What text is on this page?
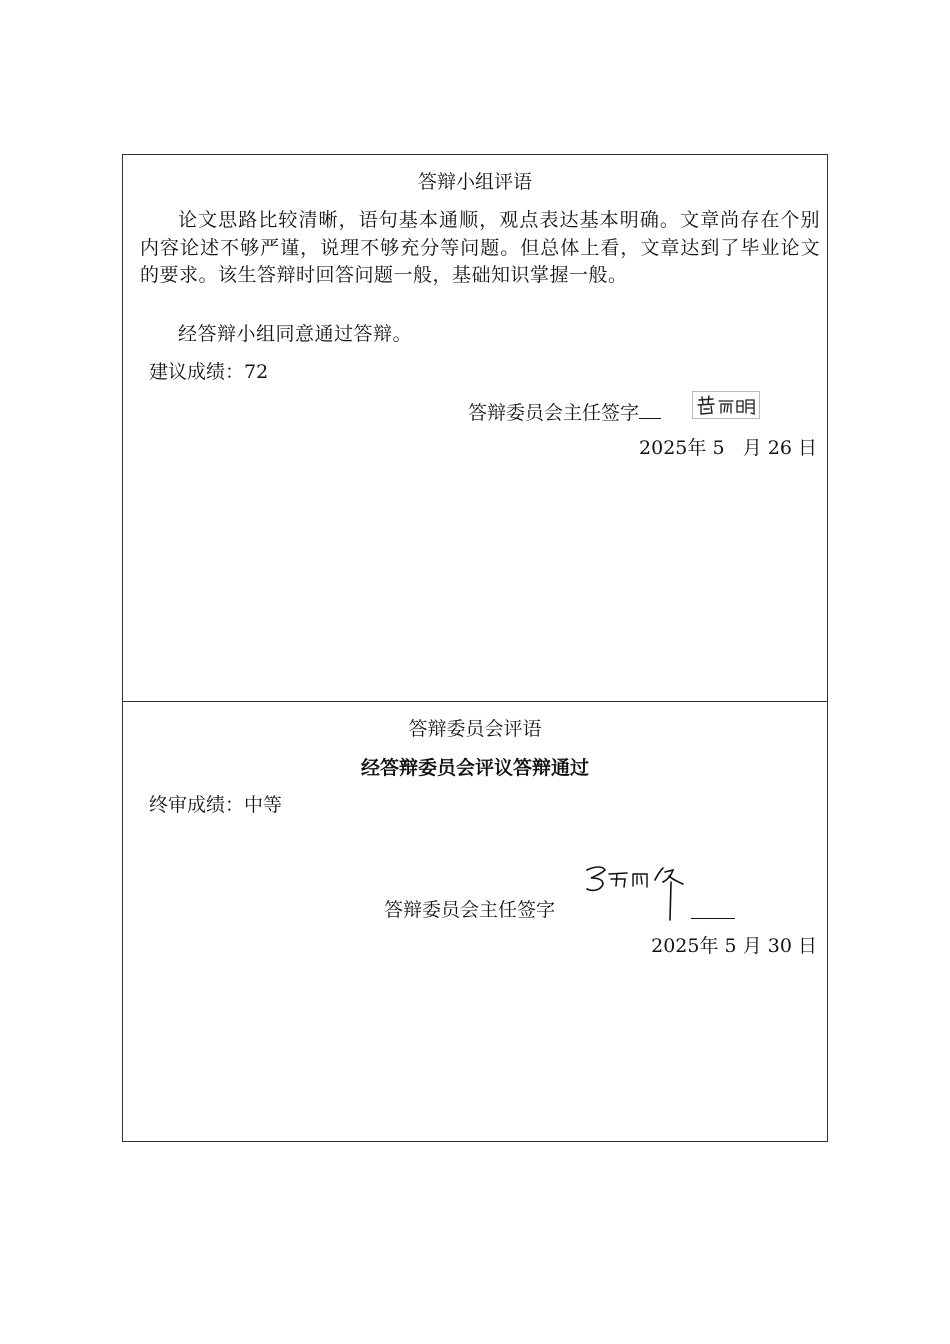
答辩小组评语
论文思路比较清晰，语句基本通顺，观点表达基本明确。文章尚存在个别内容论述不够严谨，说理不够充分等问题。但总体上看，文章达到了毕业论文的要求。该生答辩时回答问题一般，基础知识掌握一般。
经答辩小组同意通过答辩。
建议成绩：72
答辩委员会主任签字
2025年 5 月 26 日
答辩委员会评语
经答辩委员会评议答辩通过
终审成绩：中等
答辩委员会主任签字
2025年 5 月 30 日
